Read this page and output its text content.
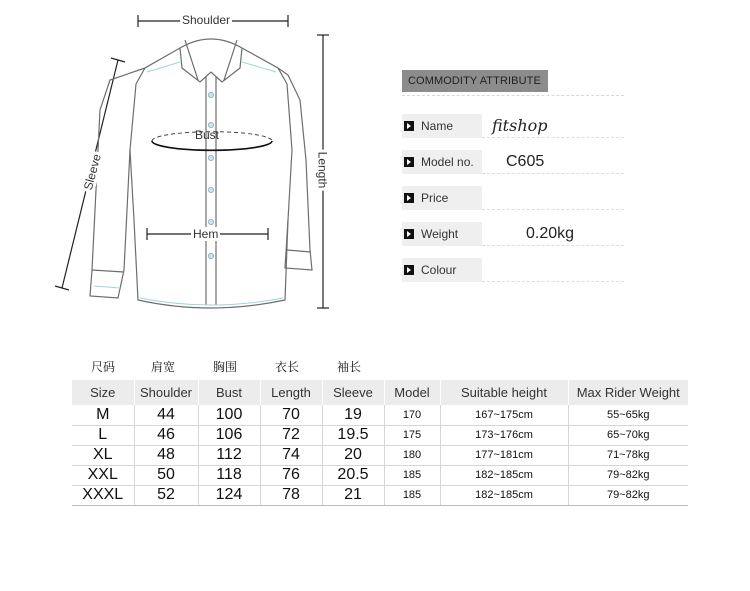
Shoulder
Sleeve
Bust
Length
Hem
COMMODITY ATTRIBUTE
Name	fitshop
Model no.	C605
Price
Weight	0.20kg
Colour
尺码	肩宽	胸围	衣长	袖长
Size	Shoulder	Bust	Length	Sleeve	Model	Suitable height	Max Rider Weight
M	44	100	70	19	170	167~175cm	55~65kg
L	46	106	72	19.5	175	173~176cm	65~70kg
XL	48	112	74	20	180	177~181cm	71~78kg
XXL	50	118	76	20.5	185	182~185cm	79~82kg
XXXL	52	124	78	21	185	182~185cm	79~82kg
